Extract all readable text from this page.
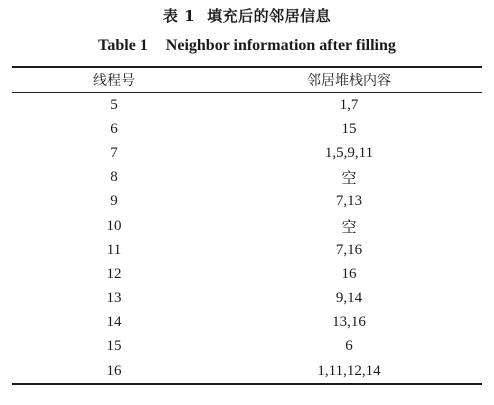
表 1 填充后的邻居信息
Table 1 Neighbor information after filling
线程号	邻居堆栈内容
5	1,7
6	15
7	1,5,9,11
8	空
9	7,13
10	空
11	7,16
12	16
13	9,14
14	13,16
15	6
16	1,11,12,14
